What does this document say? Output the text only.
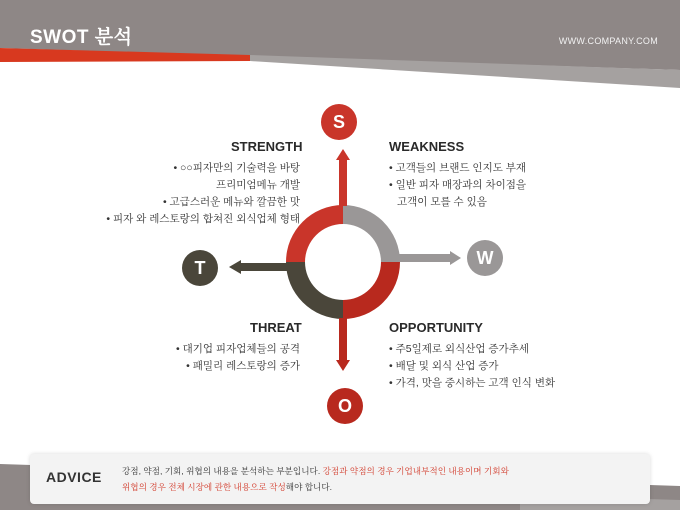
SWOT 분석	WWW.COMPANY.COM
S
W
O
T
STRENGTH
• ○○피자만의 기술력을 바탕
프리미엄메뉴 개발
• 고급스러운 메뉴와 깔끔한 맛
• 피자 와 레스토랑의 합쳐진 외식업체 형태
WEAKNESS
• 고객들의 브랜드 인지도 부재
• 일반 피자 매장과의 차이점을
고객이 모를 수 있음
THREAT
• 대기업 피자업체들의 공격
• 패밀리 레스토랑의 증가
OPPORTUNITY
• 주5일제로 외식산업 증가추세
• 배달 및 외식 산업 증가
• 가격, 맛을 중시하는 고객 인식 변화
ADVICE 강점, 약점, 기회, 위협의 내용을 분석하는 부분입니다. 강점과 약점의 경우 기업내부적인 내용이며 기회와
위협의 경우 전체 시장에 관한 내용으로 작성해야 합니다.
